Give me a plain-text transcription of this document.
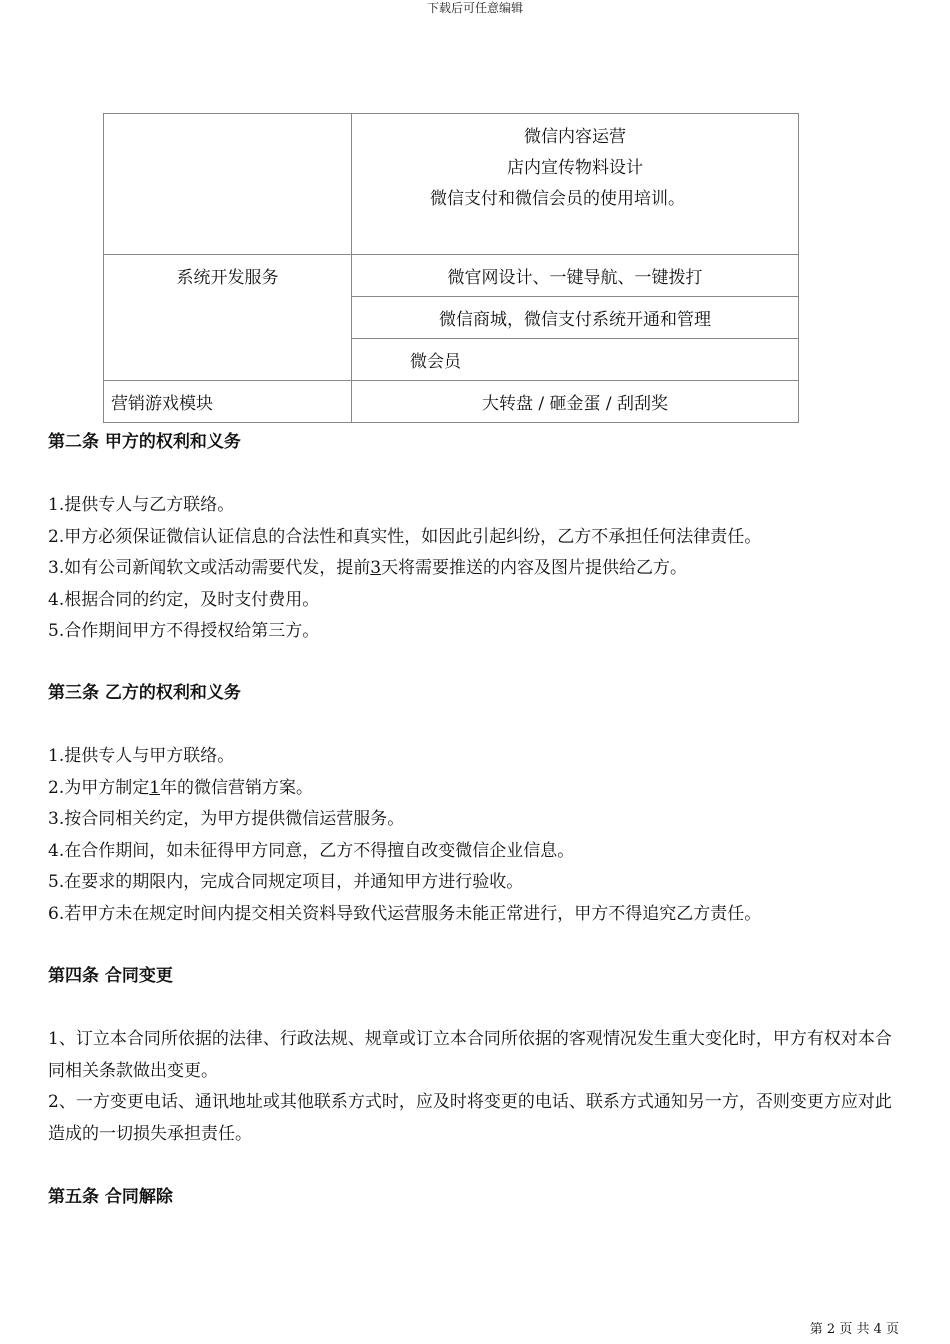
下载后可任意编辑

	微信内容运营
店内宣传物料设计
微信支付和微信会员的使用培训。

系统开发服务	微官网设计、一键导航、一键拨打
	微信商城，微信支付系统开通和管理
	微会员
营销游戏模块	大转盘 / 砸金蛋 / 刮刮奖

第二条 甲方的权利和义务

1.提供专人与乙方联络。

2.甲方必须保证微信认证信息的合法性和真实性，如因此引起纠纷，乙方不承担任何法律责任。

3.如有公司新闻软文或活动需要代发，提前3天将需要推送的内容及图片提供给乙方。

4.根据合同的约定，及时支付费用。

5.合作期间甲方不得授权给第三方。

第三条 乙方的权利和义务

1.提供专人与甲方联络。

2.为甲方制定1年的微信营销方案。

3.按合同相关约定，为甲方提供微信运营服务。

4.在合作期间，如未征得甲方同意，乙方不得擅自改变微信企业信息。

5.在要求的期限内，完成合同规定项目，并通知甲方进行验收。

6.若甲方未在规定时间内提交相关资料导致代运营服务未能正常进行，甲方不得追究乙方责任。

第四条 合同变更

1、订立本合同所依据的法律、行政法规、规章或订立本合同所依据的客观情况发生重大变化时，甲方有权对本合同相关条款做出变更。

2、一方变更电话、通讯地址或其他联系方式时，应及时将变更的电话、联系方式通知另一方，否则变更方应对此造成的一切损失承担责任。

第五条 合同解除

第 2 页 共 4 页
